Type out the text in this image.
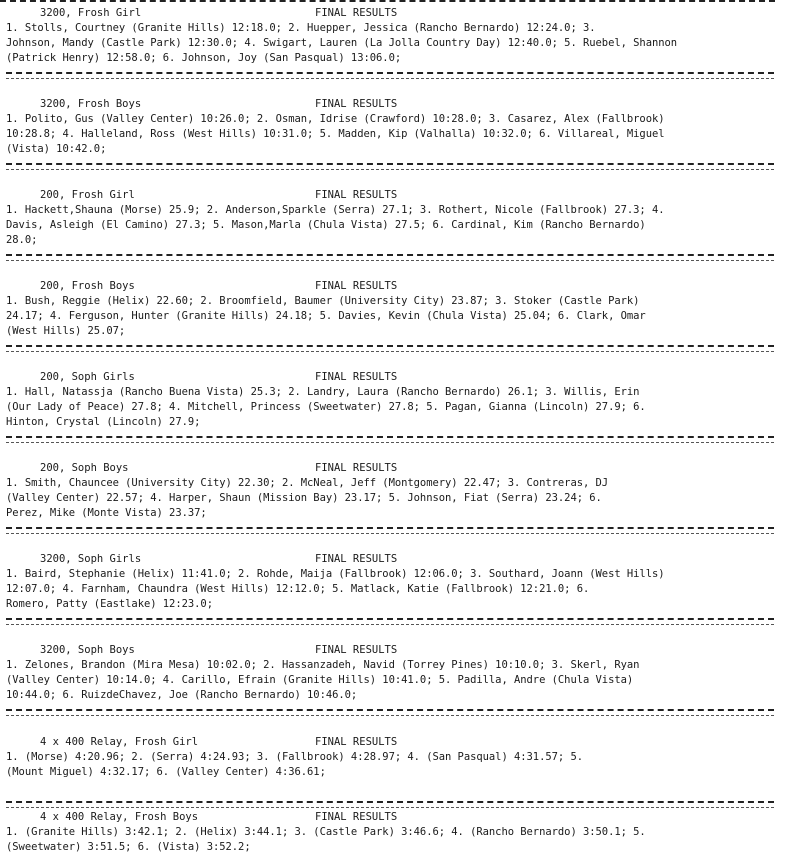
3200, Frosh Girl	FINAL RESULTS
1. Stolls, Courtney (Granite Hills) 12:18.0; 2. Huepper, Jessica (Rancho Bernardo) 12:24.0; 3.
Johnson, Mandy (Castle Park) 12:30.0; 4. Swigart, Lauren (La Jolla Country Day) 12:40.0; 5. Ruebel, Shannon
(Patrick Henry) 12:58.0; 6. Johnson, Joy (San Pasqual) 13:06.0;
3200, Frosh Boys	FINAL RESULTS
1. Polito, Gus (Valley Center) 10:26.0; 2. Osman, Idrise (Crawford) 10:28.0; 3. Casarez, Alex (Fallbrook)
10:28.8; 4. Halleland, Ross (West Hills) 10:31.0; 5. Madden, Kip (Valhalla) 10:32.0; 6. Villareal, Miguel
(Vista) 10:42.0;
200, Frosh Girl	FINAL RESULTS
1. Hackett,Shauna (Morse) 25.9; 2. Anderson,Sparkle (Serra) 27.1; 3. Rothert, Nicole (Fallbrook) 27.3; 4.
Davis, Asleigh (El Camino) 27.3; 5. Mason,Marla (Chula Vista) 27.5; 6. Cardinal, Kim (Rancho Bernardo)
28.0;
200, Frosh Boys	FINAL RESULTS
1. Bush, Reggie (Helix) 22.60; 2. Broomfield, Baumer (University City) 23.87; 3. Stoker (Castle Park)
24.17; 4. Ferguson, Hunter (Granite Hills) 24.18; 5. Davies, Kevin (Chula Vista) 25.04; 6. Clark, Omar
(West Hills) 25.07;
200, Soph Girls	FINAL RESULTS
1. Hall, Natassja (Rancho Buena Vista) 25.3; 2. Landry, Laura (Rancho Bernardo) 26.1; 3. Willis, Erin
(Our Lady of Peace) 27.8; 4. Mitchell, Princess (Sweetwater) 27.8; 5. Pagan, Gianna (Lincoln) 27.9; 6.
Hinton, Crystal (Lincoln) 27.9;
200, Soph Boys	FINAL RESULTS
1. Smith, Chauncee (University City) 22.30; 2. McNeal, Jeff (Montgomery) 22.47; 3. Contreras, DJ
(Valley Center) 22.57; 4. Harper, Shaun (Mission Bay) 23.17; 5. Johnson, Fiat (Serra) 23.24; 6.
Perez, Mike (Monte Vista) 23.37;
3200, Soph Girls	FINAL RESULTS
1. Baird, Stephanie (Helix) 11:41.0; 2. Rohde, Maija (Fallbrook) 12:06.0; 3. Southard, Joann (West Hills)
12:07.0; 4. Farnham, Chaundra (West Hills) 12:12.0; 5. Matlack, Katie (Fallbrook) 12:21.0; 6.
Romero, Patty (Eastlake) 12:23.0;
3200, Soph Boys	FINAL RESULTS
1. Zelones, Brandon (Mira Mesa) 10:02.0; 2. Hassanzadeh, Navid (Torrey Pines) 10:10.0; 3. Skerl, Ryan
(Valley Center) 10:14.0; 4. Carillo, Efrain (Granite Hills) 10:41.0; 5. Padilla, Andre (Chula Vista)
10:44.0; 6. RuizdeChavez, Joe (Rancho Bernardo) 10:46.0;
4 x 400 Relay, Frosh Girl	FINAL RESULTS
1. (Morse) 4:20.96; 2. (Serra) 4:24.93; 3. (Fallbrook) 4:28.97; 4. (San Pasqual) 4:31.57; 5.
(Mount Miguel) 4:32.17; 6. (Valley Center) 4:36.61;
4 x 400 Relay, Frosh Boys	FINAL RESULTS
1. (Granite Hills) 3:42.1; 2. (Helix) 3:44.1; 3. (Castle Park) 3:46.6; 4. (Rancho Bernardo) 3:50.1; 5.
(Sweetwater) 3:51.5; 6. (Vista) 3:52.2;
